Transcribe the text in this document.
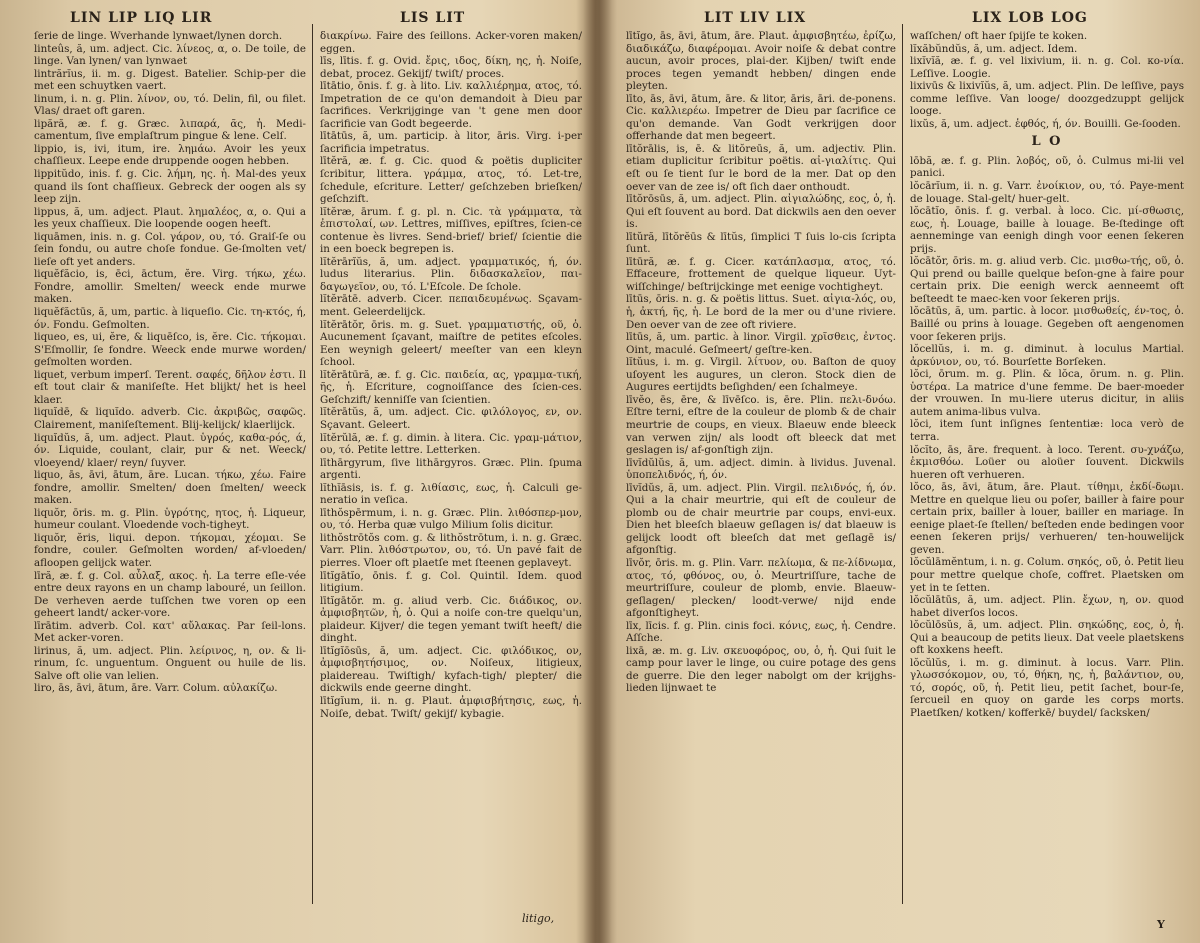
LIN LIP LIQ LIR	LIS LIT

ſerie de linge. Wverhande lynwaet/lynen dorch.

linteûs, ă, um. adject. Cic. λίνεος, α, ο. De toile, de linge. Van lynen/ van lynwaet

lintrărĭus, ii. m. g. Digest. Batelier. Schip-per die met een schuytken vaert.

linum, i. n. g. Plin. λίνον, ου, τό. Delin, fil, ou filet. Vlas/ draet oft garen.

lipără, æ. f. g. Græc. λιπαρά, ᾶς, ἡ. Medi-camentum, ſive emplaſtrum pingue & lene. Celſ.

lippio, is, ivi, itum, ire. λημάω. Avoir les yeux chaſſieux. Leepe ende druppende oogen hebben.

lippitŭdo, inis. f. g. Cic. λήμη, ης. ἡ. Mal-des yeux quand ils ſont chaſſieux. Gebreck der oogen als sy leep zijn.

lippus, ă, um. adject. Plaut. λημαλέος, α, ο. Qui a les yeux chaſſieux. Die loopende oogen heeft.

liquāmen, inis. n. g. Col. γάρον, ου, τό. Graiſ-ſe ou ſein fondu, ou autre choſe fondue. Ge-ſmolten vet/ lieſe oft yet anders.

liquĕfăcio, is, ēci, āctum, ĕre. Virg. τήκω, χέω. Fondre, amollir. Smelten/ weeck ende murwe maken.

liquĕfăctūs, ă, um, partic. à liqueſio. Cic. τη-κτός, ή, όν. Fondu. Geſmolten.

liqueo, es, ui, ĕre, & liquēſco, is, ĕre. Cic. τήκομαι. S'Eſmollir, ſe fondre. Weeck ende murwe worden/ geſmolten worden.

liquet, verbum imperſ. Terent. σαφές, δῆλον ἐστι. Il eſt tout clair & maniſeſte. Het blijkt/ het is heel klaer.

liquĭdē, & liquĭdo. adverb. Cic. ἀκριβῶς, σαφῶς. Clairement, maniſeſtement. Blij-kelijck/ klaerlijck.

liquĭdŭs, ă, um. adject. Plaut. ὑγρός, καθα-ρός, ά, όν. Liquide, coulant, clair, pur & net. Weeck/ vloeyend/ klaer/ reyn/ ſuyver.

liquo, ās, āvi, ātum, āre. Lucan. τήκω, χέω. Faire fondre, amollir. Smelten/ doen ſmelten/ weeck maken.

liquŏr, ōris. m. g. Plin. ὑγρότης, ητος, ἡ. Liqueur, humeur coulant. Vloedende voch-tigheyt.

liquŏr, ĕris, liqui. depon. τήκομαι, χέομαι. Se fondre, couler. Geſmolten worden/ af-vloeden/ afloopen gelijck water.

līră, æ. f. g. Col. αὖλαξ, ακος. ἡ. La terre eſle-vée entre deux rayons en un champ labouré, un ſeillon. De verheven aerde tuſſchen twe voren op een geheert landt/ acker-vore.

līrātim. adverb. Col. κατ' αὔλακας. Par ſeil-lons. Met acker-voren.

lirinus, ă, um. adject. Plin. λείρινος, η, ον. & li-rinum, ſc. unguentum. Onguent ou huile de lis. Salve oft olie van lelien.

liro, ās, āvi, ātum, āre. Varr. Colum. αὐλακίζω.

διακρίνω. Faire des ſeillons. Acker-voren maken/ eggen.

līs, lītis. f. g. Ovid. ἔρις, ιδος, δίκη, ης, ἡ. Noiſe, debat, procez. Gekijf/ twiſt/ proces.

lītātio, ōnis. f. g. à lito. Liv. καλλιέρημα, ατος, τό. Impetration de ce qu'on demandoit à Dieu par ſacrifices. Verkrijginge van 't gene men door ſacrificie van Godt begeerde.

lītātūs, ă, um. particip. à litor, āris. Virg. i-per ſacrificia impetratus.

lītĕră, æ. f. g. Cic. quod & poëtis dupliciter ſcribitur, littera. γράμμα, ατος, τό. Let-tre, ſchedule, eſcriture. Letter/ geſchzeben brieſken/ geſchzift.

lĭtĕræ, ārum. f. g. pl. n. Cic. τὰ γράμματα, τὰ ἐπιστολαί, ων. Lettres, miſſives, epiſtres, ſcien-ce contenue ès livres. Send-brief/ brief/ ſcientie die in een boeck begrepen is.

lĭtĕrārĭŭs, ă, um. adject. γραμματικός, ή, όν. ludus literarius. Plin. διδασκαλεῖον, παι-δαγωγεῖον, ου, τό. L'Eſcole. De ſchole.

lĭtĕrātē. adverb. Cicer. πεπαιδευμένως. Sçavam-ment. Geleerdelijck.

lĭtĕrātŏr, ōris. m. g. Suet. γραμματιστής, οῦ, ὁ. Aucunement ſçavant, maiſtre de petites eſcoles. Een weynigh geleert/ meeſter van een kleyn ſchool.

lĭtĕrātūră, æ. f. g. Cic. παιδεία, ας, γραμμα-τική, ῆς, ἡ. Eſcriture, cognoiſſance des ſcien-ces. Geſchzift/ kenniſſe van ſcientien.

lĭtĕrātŭs, ă, um. adject. Cic. φιλόλογος, εν, ον. Sçavant. Geleert.

lĭtĕrŭlă, æ. f. g. dimin. à litera. Cic. γραμ-μάτιον, ου, τό. Petite lettre. Letterken.

līthārgyrum, ſive lithārgyros. Græc. Plin. ſpuma argenti.

lĭthĭāsis, is. f. g. λιθίασις, εως, ἡ. Calculi ge-neratio in veſica.

līthŏspērmum, i. n. g. Græc. Plin. λιθόσπερ-μον, ου, τό. Herba quæ vulgo Milium ſolis dicitur.

lithŏstrōtŏs com. g. & lithŏstrōtum, i. n. g. Græc. Varr. Plin. λιθόστρωτον, ου, τό. Un pavé fait de pierres. Vloer oft plaetſe met ſteenen geplaveyt.

lītĭgātĭo, ōnis. f. g. Col. Quintil. Idem. quod litigium.

lītĭgātŏr. m. g. aliud verb. Cic. διάδικος, ον. ἀμφισβητῶν, ἡ, ὁ. Qui a noiſe con-tre quelqu'un, plaideur. Kijver/ die tegen yemant twiſt heeft/ die dinght.

lītĭgĭōsūs, ă, um. adject. Cic. φιλόδικος, ον, ἀμφισβητήσιμος, ον. Noiſeux, litigieux, plaidereau. Twiſtigh/ kyfach-tigh/ plepter/ die dickwils ende geerne dinght.

lītĭgĭum, ii. n. g. Plaut. ἀμφισβήτησις, εως, ἡ. Noiſe, debat. Twiſt/ gekijf/ kybagie.

litigo,
LIT LIV LIX	LIX LOB LOG

lītĭgo, ās, āvi, ātum, āre. Plaut. ἀμφισβητέω, ἐρίζω, διαδικάζω, διαφέρομαι. Avoir noiſe & debat contre aucun, avoir proces, plai-der. Kijben/ twiſt ende proces tegen yemandt hebben/ dingen ende pleyten.

līto, ās, āvi, ātum, āre. & litor, āris, āri. de-ponens. Cic. καλλιερέω. Impetrer de Dieu par ſacrifice ce qu'on demande. Van Godt verkrijgen door offerhande dat men begeert.

lītŏrālis, is, ē. & litŏreūs, ă, um. adjectiv. Plin. etiam duplicitur ſcribitur poëtis. αἰ-γιαλίτις. Qui eſt ou ſe tient ſur le bord de la mer. Dat op den oever van de zee is/ oft ſich daer onthoudt.

lītŏrōsūs, ă, um. adject. Plin. αἰγιαλώδης, εος, ὁ, ἡ. Qui eſt ſouvent au bord. Dat dickwils aen den oever is.

lītŭră, lītŏrĕūs & lītŭs, ſimplici T ſuis lo-cis ſcripta ſunt.

lītūră, æ. f. g. Cicer. κατάπλασμα, ατος, τό. Effaceure, frottement de quelque liqueur. Uyt-wiſſchinge/ beſtrijckinge met eenige vochtigheyt.

lītūs, ōris. n. g. & poëtis littus. Suet. αἰγια-λός, ου, ἡ, ἀκτή, ῆς, ἡ. Le bord de la mer ou d'une riviere. Den oever van de zee oft riviere.

lītūs, ă, um. partic. à linor. Virgil. χρῖσθεις, ἐντος. Oint, maculé. Geſmeert/ geſtre-ken.

lĭtŭus, i. m. g. Virgil. λίτυον, ου. Baſton de quoy uſoyent les augures, un cleron. Stock dien de Augures eertijdts beſighden/ een ſchalmeye.

līvĕo, ēs, ēre, & līvēſco. is, ēre. Plin. πελι-δνόω. Eſtre terni, eſtre de la couleur de plomb & de chair meurtrie de coups, en vieux. Blaeuw ende bleeck van verwen zijn/ als loodt oft bleeck dat met geslagen is/ af-gonſtigh zijn.

līvĭdŭlŭs, ă, um. adject. dimin. à lividus. Juvenal. ὑποπελιδνός, ή, όν.

līvĭdŭs, ă, um. adject. Plin. Virgil. πελιδνός, ή, όν. Qui a la chair meurtrie, qui eſt de couleur de plomb ou de chair meurtrie par coups, envi-eux. Dien het bleeſch blaeuw geſlagen is/ dat blaeuw is gelijck loodt oft bleeſch dat met geſlagē is/ afgonſtig.

līvŏr, ōris. m. g. Plin. Varr. πελίωμα, & πε-λίδνωμα, ατος, τό, φθόνος, ου, ὁ. Meurtriſſure, tache de meurtriſſure, couleur de plomb, envie. Blaeuw-geſlagen/ plecken/ loodt-verwe/ nijd ende afgonſtigheyt.

līx, līcis. f. g. Plin. cinis foci. κόνις, εως, ἡ. Cendre. Aſſche.

lixā, æ. m. g. Liv. σκευοφόρος, ου, ὁ, ἡ. Qui ſuit le camp pour laver le linge, ou cuire potage des gens de guerre. Die den leger nabolgt om der krijghs-lieden lijnwaet te

waſſchen/ oft haer ſpijſe te koken.

lĭxăbŭndŭs, ă, um. adject. Idem.

lixĭvĭă, æ. f. g. vel lixivium, ii. n. g. Col. κο-νία. Leſſive. Loogie.

lixivūs & lixivĭŭs, ă, um. adject. Plin. De leſſive, pays comme leſſive. Van looge/ doozgedzuppt gelijck looge.

lixŭs, ă, um. adject. ἑφθός, ή, όν. Bouilli. Ge-ſooden.

L O

lōbă, æ. f. g. Plin. λοβός, οῦ, ὁ. Culmus mi-lii vel panici.

lŏcārĭum, ii. n. g. Varr. ἐνοίκιον, ου, τό. Paye-ment de louage. Stal-gelt/ huer-gelt.

lŏcātĭo, ōnis. f. g. verbal. à loco. Cic. μί-σθωσις, εως, ἡ. Louage, baille à louage. Be-ſtedinge oft aenneminge van eenigh dingh voor eenen ſekeren prijs.

lŏcātŏr, ōris. m. g. aliud verb. Cic. μισθω-τής, οῦ, ὁ. Qui prend ou baille quelque beſon-gne à faire pour certain prix. Die eenigh werck aenneemt oft beſteedt te maec-ken voor ſekeren prijs.

lŏcātūs, ă, um. partic. à locor. μισθωθείς, έν-τος, ὁ. Baillé ou prins à louage. Gegeben oft aengenomen voor ſekeren prijs.

lŏcellŭs, i. m. g. diminut. à loculus Martial. ἀρκύνιον, ου, τό. Bourſette Borſeken.

lŏci, ōrum. m. g. Plin. & lŏca, ōrum. n. g. Plin. ὑστέρα. La matrice d'une femme. De baer-moeder der vrouwen. In mu-liere uterus dicitur, in aliis autem anima-libus vulva.

lŏci, item ſunt inſignes ſententiæ: loca verò de terra.

lŏcĭto, ās, āre. frequent. à loco. Terent. συ-χνάζω, ἐκμισθόω. Loüer ou aloüer ſouvent. Dickwils hueren oft verhueren.

lŏco, ās, āvi, ātum, āre. Plaut. τίθημι, ἐκδί-δωμι. Mettre en quelque lieu ou poſer, bailler à faire pour certain prix, bailler à louer, bailler en mariage. In eenige plaet-ſe ſtellen/ beſteden ende bedingen voor eenen ſekeren prijs/ verhueren/ ten-houwelijck geven.

lŏcŭlāmĕntum, i. n. g. Colum. σηκός, οῦ, ὁ. Petit lieu pour mettre quelque choſe, coffret. Plaetsken om yet in te ſetten.

lŏcŭlātūs, ă, um. adject. Plin. ἔχων, η, ον. quod habet diverſos locos.

lŏcŭlōsŭs, ă, um. adject. Plin. σηκώδης, εος, ὁ, ἡ. Qui a beaucoup de petits lieux. Dat veele plaetskens oft koxkens heeft.

lŏcŭlŭs, i. m. g. diminut. à locus. Varr. Plin. γλωσσόκομον, ου, τό, θήκη, ης, ἡ, βαλάντιον, ου, τό, σορός, οῦ, ἡ. Petit lieu, petit ſachet, bour-ſe, ſercueil en quoy on garde les corps morts. Plaetſken/ kotken/ kofferkē/ buydel/ ſacksken/

Y
